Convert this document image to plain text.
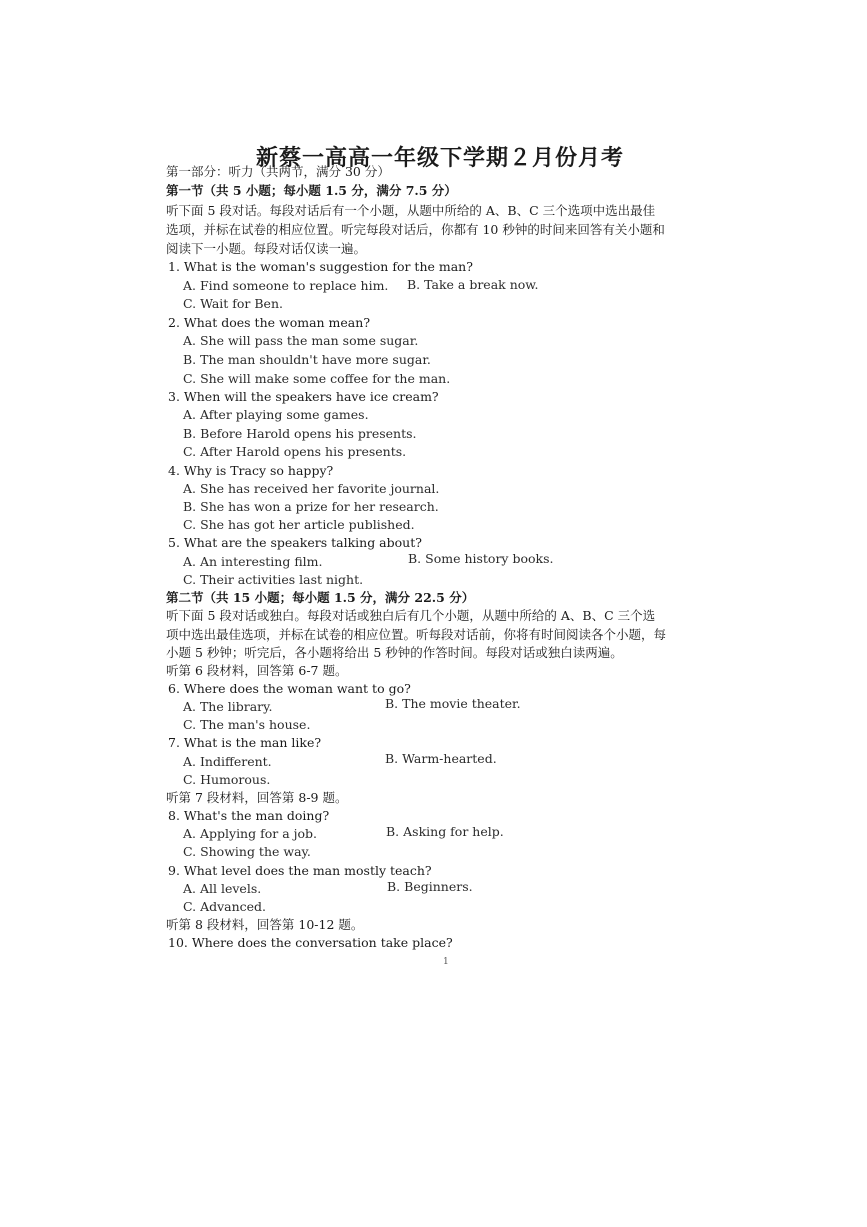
新蔡一高高一年级下学期２月份月考
第一部分：听力（共两节，满分 30 分）
第一节（共 5 小题；每小题 1.5 分，满分 7.5 分）
听下面 5 段对话。每段对话后有一个小题，从题中所给的 A、B、C 三个选项中选出最佳
选项，并标在试卷的相应位置。听完每段对话后，你都有 10 秒钟的时间来回答有关小题和
阅读下一小题。每段对话仅读一遍。
1. What is the woman's suggestion for the man?
A. Find someone to replace him. B. Take a break now.
C. Wait for Ben.
2. What does the woman mean?
A. She will pass the man some sugar.
B. The man shouldn't have more sugar.
C. She will make some coffee for the man.
3. When will the speakers have ice cream?
A. After playing some games.
B. Before Harold opens his presents.
C. After Harold opens his presents.
4. Why is Tracy so happy?
A. She has received her favorite journal.
B. She has won a prize for her research.
C. She has got her article published.
5. What are the speakers talking about?
A. An interesting film.	B. Some history books.
C. Their activities last night.
第二节（共 15 小题；每小题 1.5 分，满分 22.5 分）
听下面 5 段对话或独白。每段对话或独白后有几个小题，从题中所给的 A、B、C 三个选
项中选出最佳选项，并标在试卷的相应位置。听每段对话前，你将有时间阅读各个小题，每
小题 5 秒钟；听完后，各小题将给出 5 秒钟的作答时间。每段对话或独白读两遍。
听第 6 段材料，回答第 6-7 题。
6. Where does the woman want to go?
A. The library.	B. The movie theater.
C. The man's house.
7. What is the man like?
A. Indifferent.	B. Warm-hearted.
C. Humorous.
听第 7 段材料，回答第 8-9 题。
8. What's the man doing?
A. Applying for a job.	B. Asking for help.
C. Showing the way.
9. What level does the man mostly teach?
A. All levels.	B. Beginners.
C. Advanced.
听第 8 段材料，回答第 10-12 题。
10. Where does the conversation take place?
1
